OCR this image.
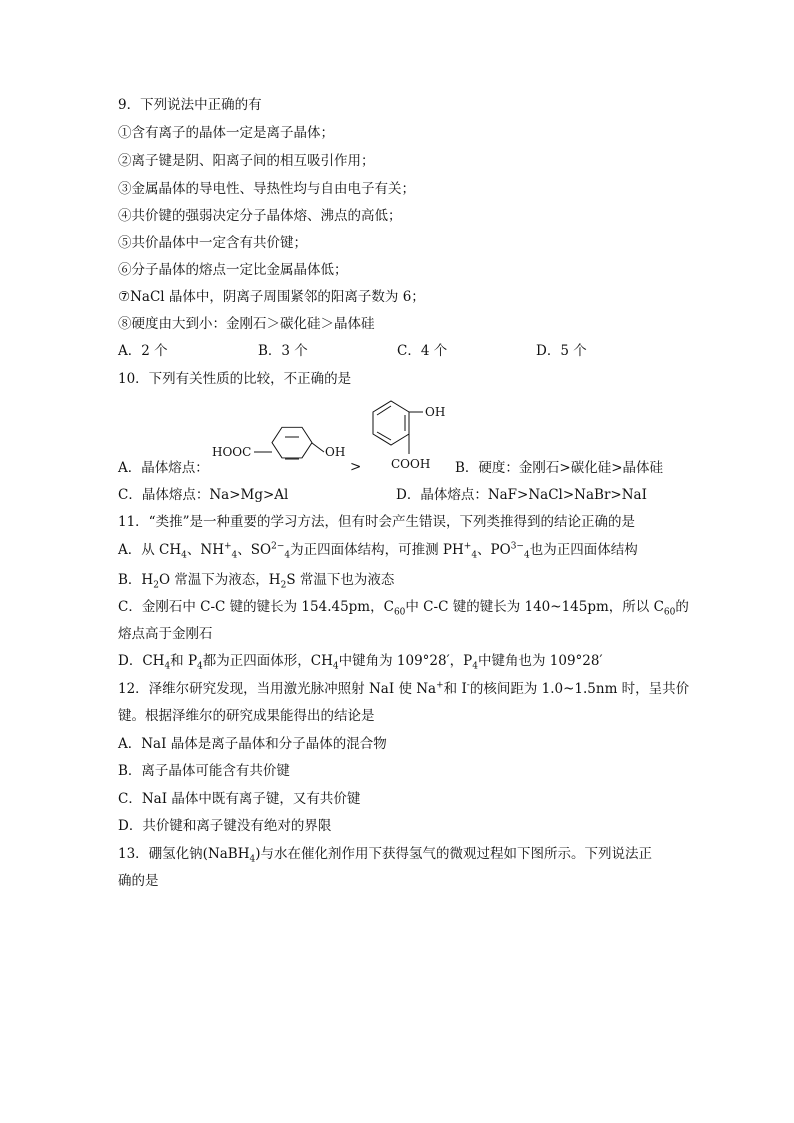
9．下列说法中正确的有
①含有离子的晶体一定是离子晶体；
②离子键是阴、阳离子间的相互吸引作用；
③金属晶体的导电性、导热性均与自由电子有关；
④共价键的强弱决定分子晶体熔、沸点的高低；
⑤共价晶体中一定含有共价键；
⑥分子晶体的熔点一定比金属晶体低；
⑦NaCl 晶体中，阴离子周围紧邻的阳离子数为 6；
⑧硬度由大到小：金刚石＞碳化硅＞晶体硅
A．2 个	B．3 个	C．4 个	D．5 个
10．下列有关性质的比较，不正确的是
HOOC	OH
>
OH
COOH
A．晶体熔点：	B．硬度：金刚石>碳化硅>晶体硅
C．晶体熔点：Na>Mg>Al	D．晶体熔点：NaF>NaCl>NaBr>NaI
11．“类推”是一种重要的学习方法，但有时会产生错误，下列类推得到的结论正确的是
A．从 $CH_4$、$NH^+_4$、$SO^{2-}_4$为正四面体结构，可推测 $PH^+_4$、$PO^{3-}_4$也为正四面体结构
B．$H_2O$ 常温下为液态，$H_2S$ 常温下也为液态
C．金刚石中 C-C 键的键长为 154.45pm，$C_{60}$中 C-C 键的键长为 140~145pm，所以 $C_{60}$的
熔点高于金刚石
D．$CH_4$和 $P_4$都为正四面体形，$CH_4$中键角为 109°28′，$P_4$中键角也为 109°28′
12．泽维尔研究发现，当用激光脉冲照射 NaI 使 Na+和 I-的核间距为 1.0~1.5nm 时，呈共价
键。根据泽维尔的研究成果能得出的结论是
A．NaI 晶体是离子晶体和分子晶体的混合物
B．离子晶体可能含有共价键
C．NaI 晶体中既有离子键，又有共价键
D．共价键和离子键没有绝对的界限
13．硼氢化钠(NaBH$_4$)与水在催化剂作用下获得氢气的微观过程如下图所示。下列说法正
确的是
